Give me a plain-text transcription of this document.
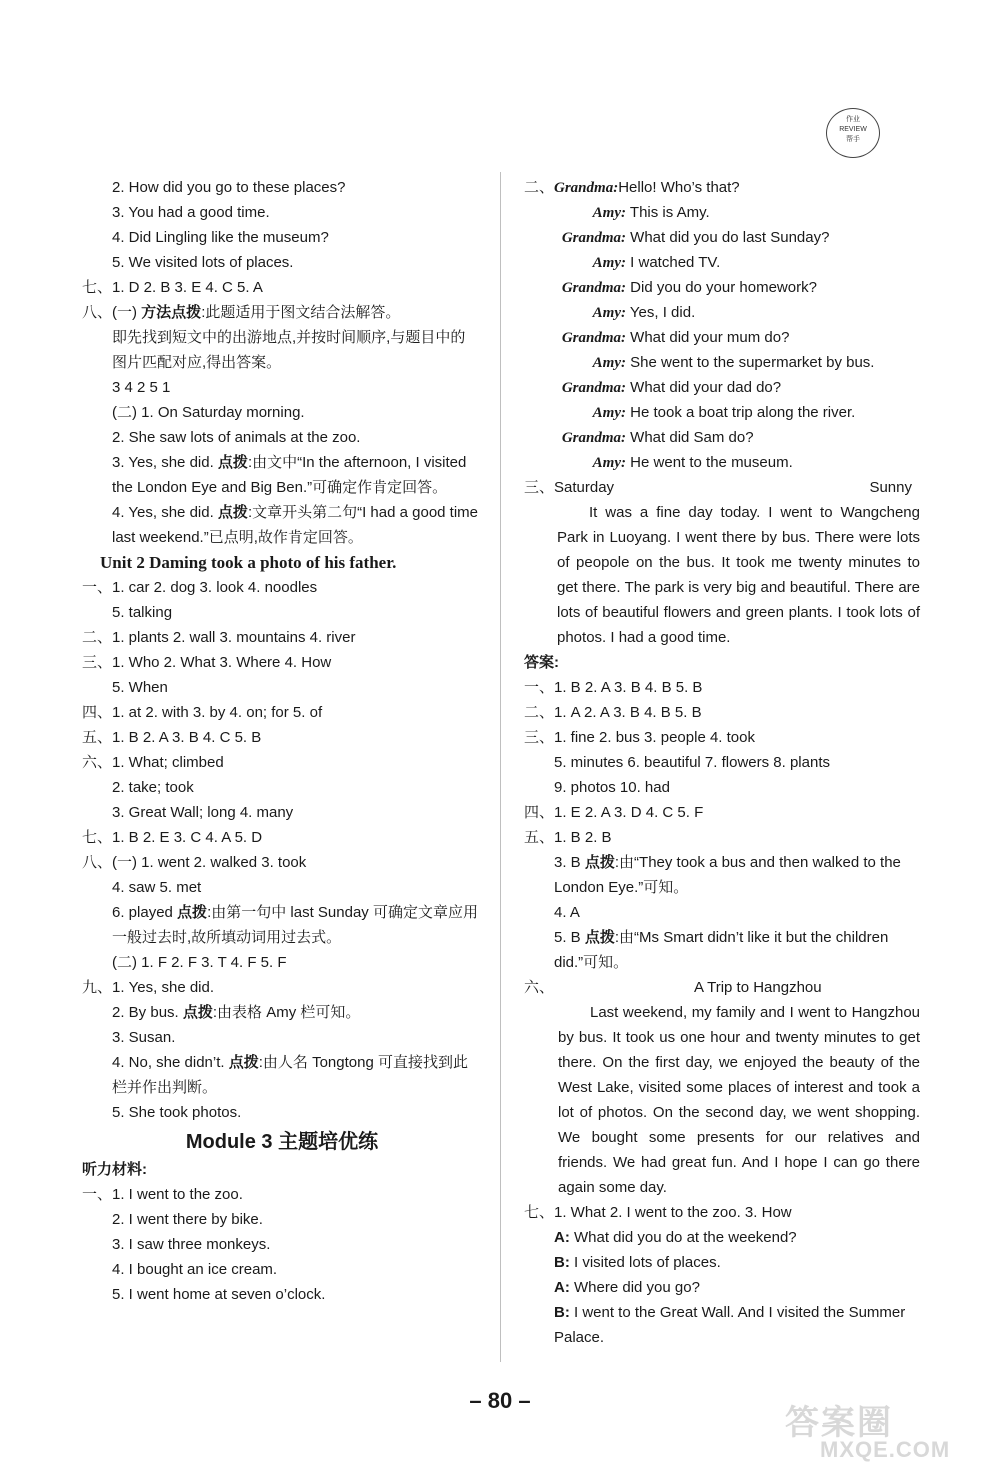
作业
REVIEW
帮手
2. How did you go to these places?
3. You had a good time.
4. Did Lingling like the museum?
5. We visited lots of places.
七、1. D 2. B 3. E 4. C 5. A
八、(一) 方法点拨:此题适用于图文结合法解答。
即先找到短文中的出游地点,并按时间顺序,与题目中的图片匹配对应,得出答案。
3 4 2 5 1
(二) 1. On Saturday morning.
2. She saw lots of animals at the zoo.
3. Yes, she did. 点拨:由文中“In the afternoon, I visited the London Eye and Big Ben.”可确定作肯定回答。
4. Yes, she did. 点拨:文章开头第二句“I had a good time last weekend.”已点明,故作肯定回答。
Unit 2 Daming took a photo of his father.
一、1. car 2. dog 3. look 4. noodles
5. talking
二、1. plants 2. wall 3. mountains 4. river
三、1. Who 2. What 3. Where 4. How
5. When
四、1. at 2. with 3. by 4. on; for 5. of
五、1. B 2. A 3. B 4. C 5. B
六、1. What; climbed
2. take; took
3. Great Wall; long 4. many
七、1. B 2. E 3. C 4. A 5. D
八、(一) 1. went 2. walked 3. took
4. saw 5. met
6. played 点拨:由第一句中 last Sunday 可确定文章应用一般过去时,故所填动词用过去式。
(二) 1. F 2. F 3. T 4. F 5. F
九、1. Yes, she did.
2. By bus. 点拨:由表格 Amy 栏可知。
3. Susan.
4. No, she didn’t. 点拨:由人名 Tongtong 可直接找到此栏并作出判断。
5. She took photos.
Module 3 主题培优练
听力材料:
一、1. I went to the zoo.
2. I went there by bike.
3. I saw three monkeys.
4. I bought an ice cream.
5. I went home at seven o’clock.
二、Grandma: Hello! Who’s that?
Amy: This is Amy.
Grandma: What did you do last Sunday?
Amy: I watched TV.
Grandma: Did you do your homework?
Amy: Yes, I did.
Grandma: What did your mum do?
Amy: She went to the supermarket by bus.
Grandma: What did your dad do?
Amy: He took a boat trip along the river.
Grandma: What did Sam do?
Amy: He went to the museum.
三、Saturday	Sunny
It was a fine day today. I went to Wangcheng Park in Luoyang. I went there by bus. There were lots of peopole on the bus. It took me twenty minutes to get there. The park is very big and beautiful. There are lots of beautiful flowers and green plants. I took lots of photos. I had a good time.
答案:
一、1. B 2. A 3. B 4. B 5. B
二、1. A 2. A 3. B 4. B 5. B
三、1. fine 2. bus 3. people 4. took
5. minutes 6. beautiful 7. flowers 8. plants
9. photos 10. had
四、1. E 2. A 3. D 4. C 5. F
五、1. B 2. B
3. B 点拨:由“They took a bus and then walked to the London Eye.”可知。
4. A
5. B 点拨:由“Ms Smart didn’t like it but the children did.”可知。
六、	A Trip to Hangzhou
Last weekend, my family and I went to Hangzhou by bus. It took us one hour and twenty minutes to get there. On the first day, we enjoyed the beauty of the West Lake, visited some places of interest and took a lot of photos. On the second day, we went shopping. We bought some presents for our relatives and friends. We had great fun. And I hope I can go there again some day.
七、1. What 2. I went to the zoo. 3. How
A: What did you do at the weekend?
B: I visited lots of places.
A: Where did you go?
B: I went to the Great Wall. And I visited the Summer Palace.
– 80 –
答案圈
MXQE.COM
